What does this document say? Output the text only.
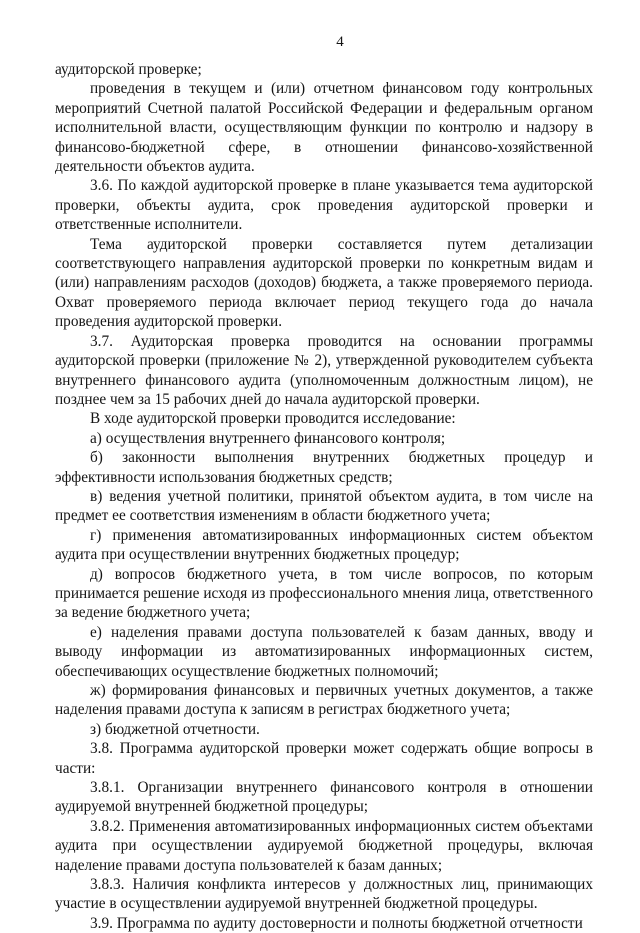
4

аудиторской проверке;

проведения в текущем и (или) отчетном финансовом году контрольных мероприятий Счетной палатой Российской Федерации и федеральным органом исполнительной власти, осуществляющим функции по контролю и надзору в финансово-бюджетной сфере, в отношении финансово-хозяйственной деятельности объектов аудита.

3.6. По каждой аудиторской проверке в плане указывается тема аудиторской проверки, объекты аудита, срок проведения аудиторской проверки и ответственные исполнители.

Тема аудиторской проверки составляется путем детализации соответствующего направления аудиторской проверки по конкретным видам и (или) направлениям расходов (доходов) бюджета, а также проверяемого периода. Охват проверяемого периода включает период текущего года до начала проведения аудиторской проверки.

3.7. Аудиторская проверка проводится на основании программы аудиторской проверки (приложение № 2), утвержденной руководителем субъекта внутреннего финансового аудита (уполномоченным должностным лицом), не позднее чем за 15 рабочих дней до начала аудиторской проверки.

В ходе аудиторской проверки проводится исследование:

а) осуществления внутреннего финансового контроля;

б) законности выполнения внутренних бюджетных процедур и эффективности использования бюджетных средств;

в) ведения учетной политики, принятой объектом аудита, в том числе на предмет ее соответствия изменениям в области бюджетного учета;

г) применения автоматизированных информационных систем объектом аудита при осуществлении внутренних бюджетных процедур;

д) вопросов бюджетного учета, в том числе вопросов, по которым принимается решение исходя из профессионального мнения лица, ответственного за ведение бюджетного учета;

е) наделения правами доступа пользователей к базам данных, вводу и выводу информации из автоматизированных информационных систем, обеспечивающих осуществление бюджетных полномочий;

ж) формирования финансовых и первичных учетных документов, а также наделения правами доступа к записям в регистрах бюджетного учета;

з) бюджетной отчетности.

3.8. Программа аудиторской проверки может содержать общие вопросы в части:

3.8.1. Организации внутреннего финансового контроля в отношении аудируемой внутренней бюджетной процедуры;

3.8.2. Применения автоматизированных информационных систем объектами аудита при осуществлении аудируемой бюджетной процедуры, включая наделение правами доступа пользователей к базам данных;

3.8.3. Наличия конфликта интересов у должностных лиц, принимающих участие в осуществлении аудируемой внутренней бюджетной процедуры.

3.9. Программа по аудиту достоверности и полноты бюджетной отчетности
